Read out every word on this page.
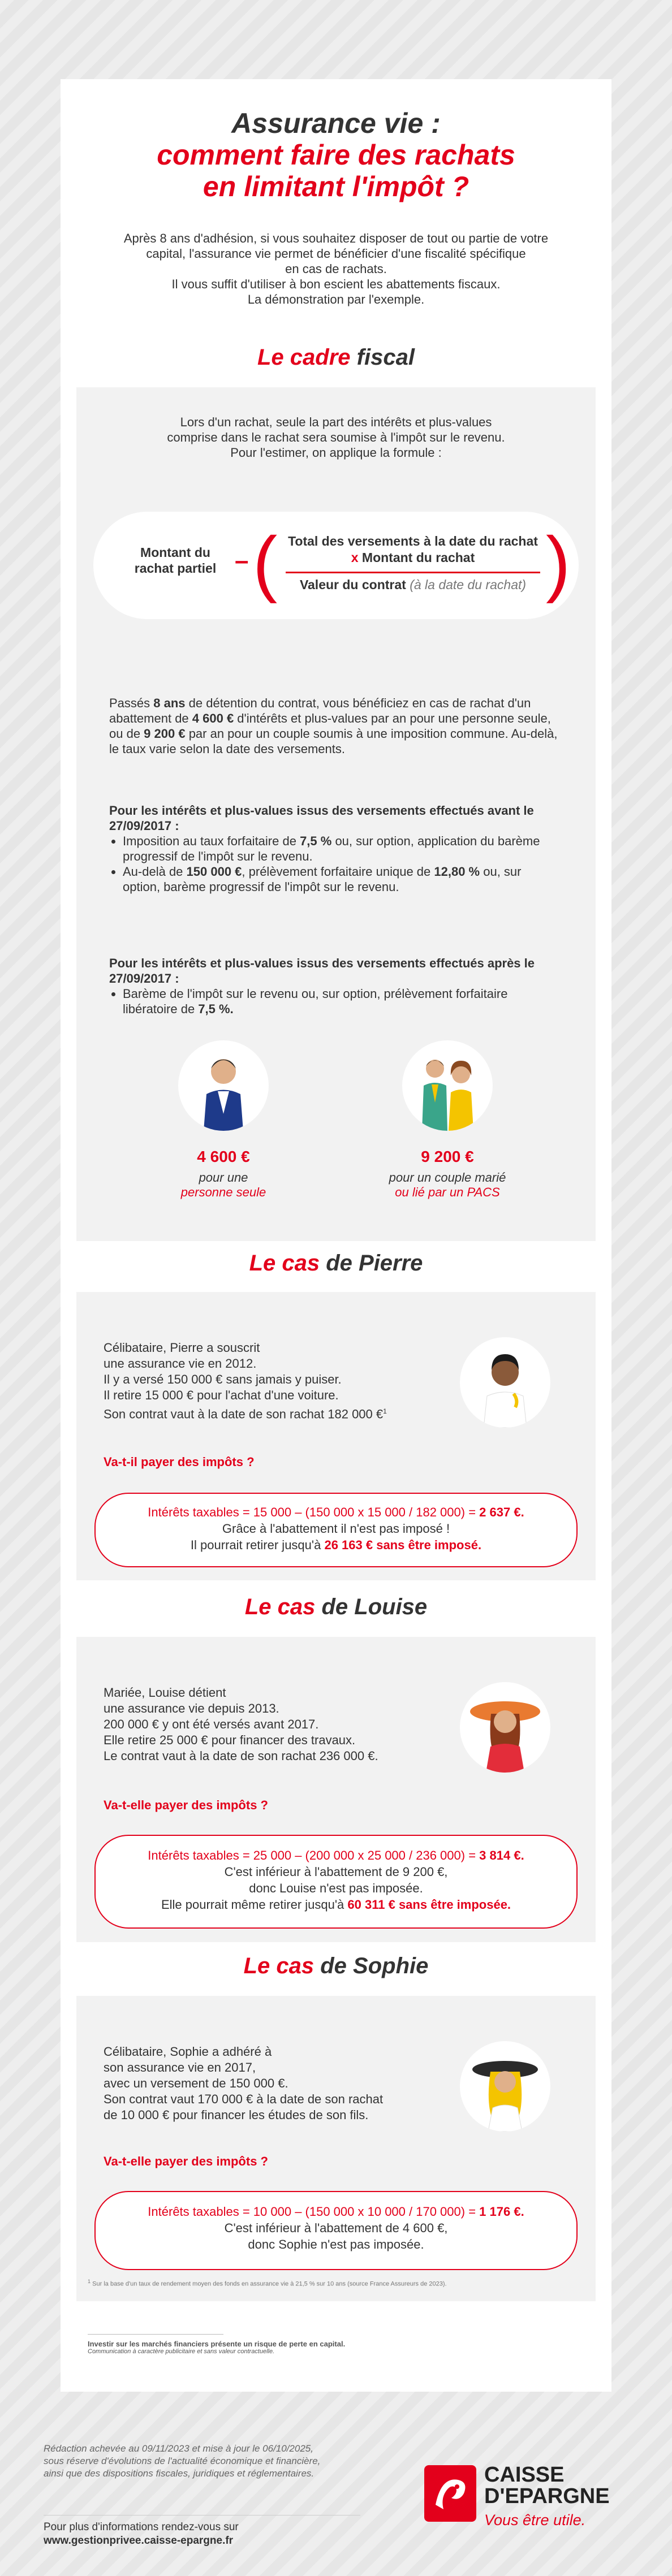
Assurance vie :
comment faire des rachats
en limitant l'impôt ?
Après 8 ans d'adhésion, si vous souhaitez disposer de tout ou partie de votre
capital, l'assurance vie permet de bénéficier d'une fiscalité spécifique
en cas de rachats.
Il vous suffit d'utiliser à bon escient les abattements fiscaux.
La démonstration par l'exemple.
Le cadre fiscal
Lors d'un rachat, seule la part des intérêts et plus-values
comprise dans le rachat sera soumise à l'impôt sur le revenu.
Pour l'estimer, on applique la formule :
Montant du
rachat partiel – ( Total des versements à la date du rachat
x Montant du rachat
Valeur du contrat (à la date du rachat) )
Passés 8 ans de détention du contrat, vous bénéficiez en cas de rachat d'un abattement de 4 600 € d'intérêts et plus-values par an pour une personne seule, ou de 9 200 € par an pour un couple soumis à une imposition commune. Au-delà, le taux varie selon la date des versements.
Pour les intérêts et plus-values issus des versements effectués avant le 27/09/2017 :
• Imposition au taux forfaitaire de 7,5 % ou, sur option, application du barème progressif de l'impôt sur le revenu.
• Au-delà de 150 000 €, prélèvement forfaitaire unique de 12,80 % ou, sur option, barème progressif de l'impôt sur le revenu.
Pour les intérêts et plus-values issus des versements effectués après le 27/09/2017 :
• Barème de l'impôt sur le revenu ou, sur option, prélèvement forfaitaire libératoire de 7,5 %.
4 600 €
pour une
personne seule
9 200 €
pour un couple marié
ou lié par un PACS
Le cas de Pierre
Célibataire, Pierre a souscrit
une assurance vie en 2012.
Il y a versé 150 000 € sans jamais y puiser.
Il retire 15 000 € pour l'achat d'une voiture.
Son contrat vaut à la date de son rachat 182 000 €$^1$
Va-t-il payer des impôts ?
Intérêts taxables = 15 000 – (150 000 x 15 000 / 182 000) = 2 637 €.
Grâce à l'abattement il n'est pas imposé !
Il pourrait retirer jusqu'à 26 163 € sans être imposé.
Le cas de Louise
Mariée, Louise détient
une assurance vie depuis 2013.
200 000 € y ont été versés avant 2017.
Elle retire 25 000 € pour financer des travaux.
Le contrat vaut à la date de son rachat 236 000 €.
Va-t-elle payer des impôts ?
Intérêts taxables = 25 000 – (200 000 x 25 000 / 236 000) = 3 814 €.
C'est inférieur à l'abattement de 9 200 €,
donc Louise n'est pas imposée.
Elle pourrait même retirer jusqu'à 60 311 € sans être imposée.
Le cas de Sophie
Célibataire, Sophie a adhéré à
son assurance vie en 2017,
avec un versement de 150 000 €.
Son contrat vaut 170 000 € à la date de son rachat
de 10 000 € pour financer les études de son fils.
Va-t-elle payer des impôts ?
Intérêts taxables = 10 000 – (150 000 x 10 000 / 170 000) = 1 176 €.
C'est inférieur à l'abattement de 4 600 €,
donc Sophie n'est pas imposée.
$^1$ Sur la base d'un taux de rendement moyen des fonds en assurance vie à 21,5 % sur 10 ans (source France Assureurs de 2023).
Investir sur les marchés financiers présente un risque de perte en capital.
Communication à caractère publicitaire et sans valeur contractuelle.
Rédaction achevée au 09/11/2023 et mise à jour le 06/10/2025,
sous réserve d'évolutions de l'actualité économique et financière,
ainsi que des dispositions fiscales, juridiques et réglementaires.
Pour plus d'informations rendez-vous sur
www.gestionprivee.caisse-epargne.fr
CAISSE
D'EPARGNE
Vous être utile.
